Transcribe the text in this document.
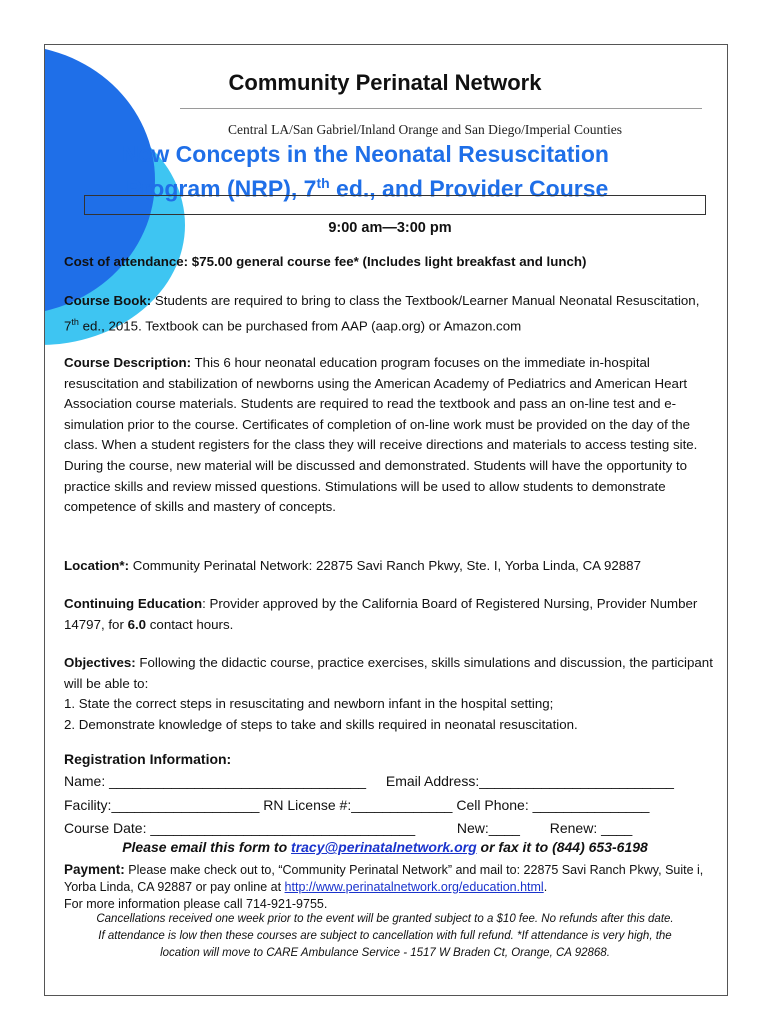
Community Perinatal Network
Central LA/San Gabriel/Inland Orange and San Diego/Imperial Counties
New Concepts in the Neonatal Resuscitation
Program (NRP), 7th ed., and Provider Course
9:00 am—3:00 pm
Cost of attendance: $75.00 general course fee* (Includes light breakfast and lunch)
Course Book: Students are required to bring to class the Textbook/Learner Manual Neonatal Resuscitation, 7th ed., 2015. Textbook can be purchased from AAP (aap.org) or Amazon.com
Course Description: This 6 hour neonatal education program focuses on the immediate in-hospital resuscitation and stabilization of newborns using the American Academy of Pediatrics and American Heart Association course materials. Students are required to read the textbook and pass an on-line test and e-simulation prior to the course. Certificates of completion of on-line work must be provided on the day of the class. When a student registers for the class they will receive directions and materials to access testing site. During the course, new material will be discussed and demonstrated. Students will have the opportunity to practice skills and review missed questions. Stimulations will be used to allow students to demonstrate competence of skills and mastery of concepts.
Location*: Community Perinatal Network: 22875 Savi Ranch Pkwy, Ste. I, Yorba Linda, CA 92887
Continuing Education: Provider approved by the California Board of Registered Nursing, Provider Number 14797, for 6.0 contact hours.
Objectives: Following the didactic course, practice exercises, skills simulations and discussion, the participant will be able to:
1. State the correct steps in resuscitating and newborn infant in the hospital setting;
2. Demonstrate knowledge of steps to take and skills required in neonatal resuscitation.
Registration Information:
Name: _________________________________ Email Address:_________________________
Facility:___________________ RN License #:_____________ Cell Phone: _______________
Course Date: __________________________________	New:____ Renew: ____
Please email this form to tracy@perinatalnetwork.org or fax it to (844) 653-6198
Payment: Please make check out to, “Community Perinatal Network” and mail to: 22875 Savi Ranch Pkwy, Suite i, Yorba Linda, CA 92887 or pay online at http://www.perinatalnetwork.org/education.html.
For more information please call 714-921-9755.
Cancellations received one week prior to the event will be granted subject to a $10 fee. No refunds after this date.
If attendance is low then these courses are subject to cancellation with full refund. *If attendance is very high, the
location will move to CARE Ambulance Service - 1517 W Braden Ct, Orange, CA 92868.
